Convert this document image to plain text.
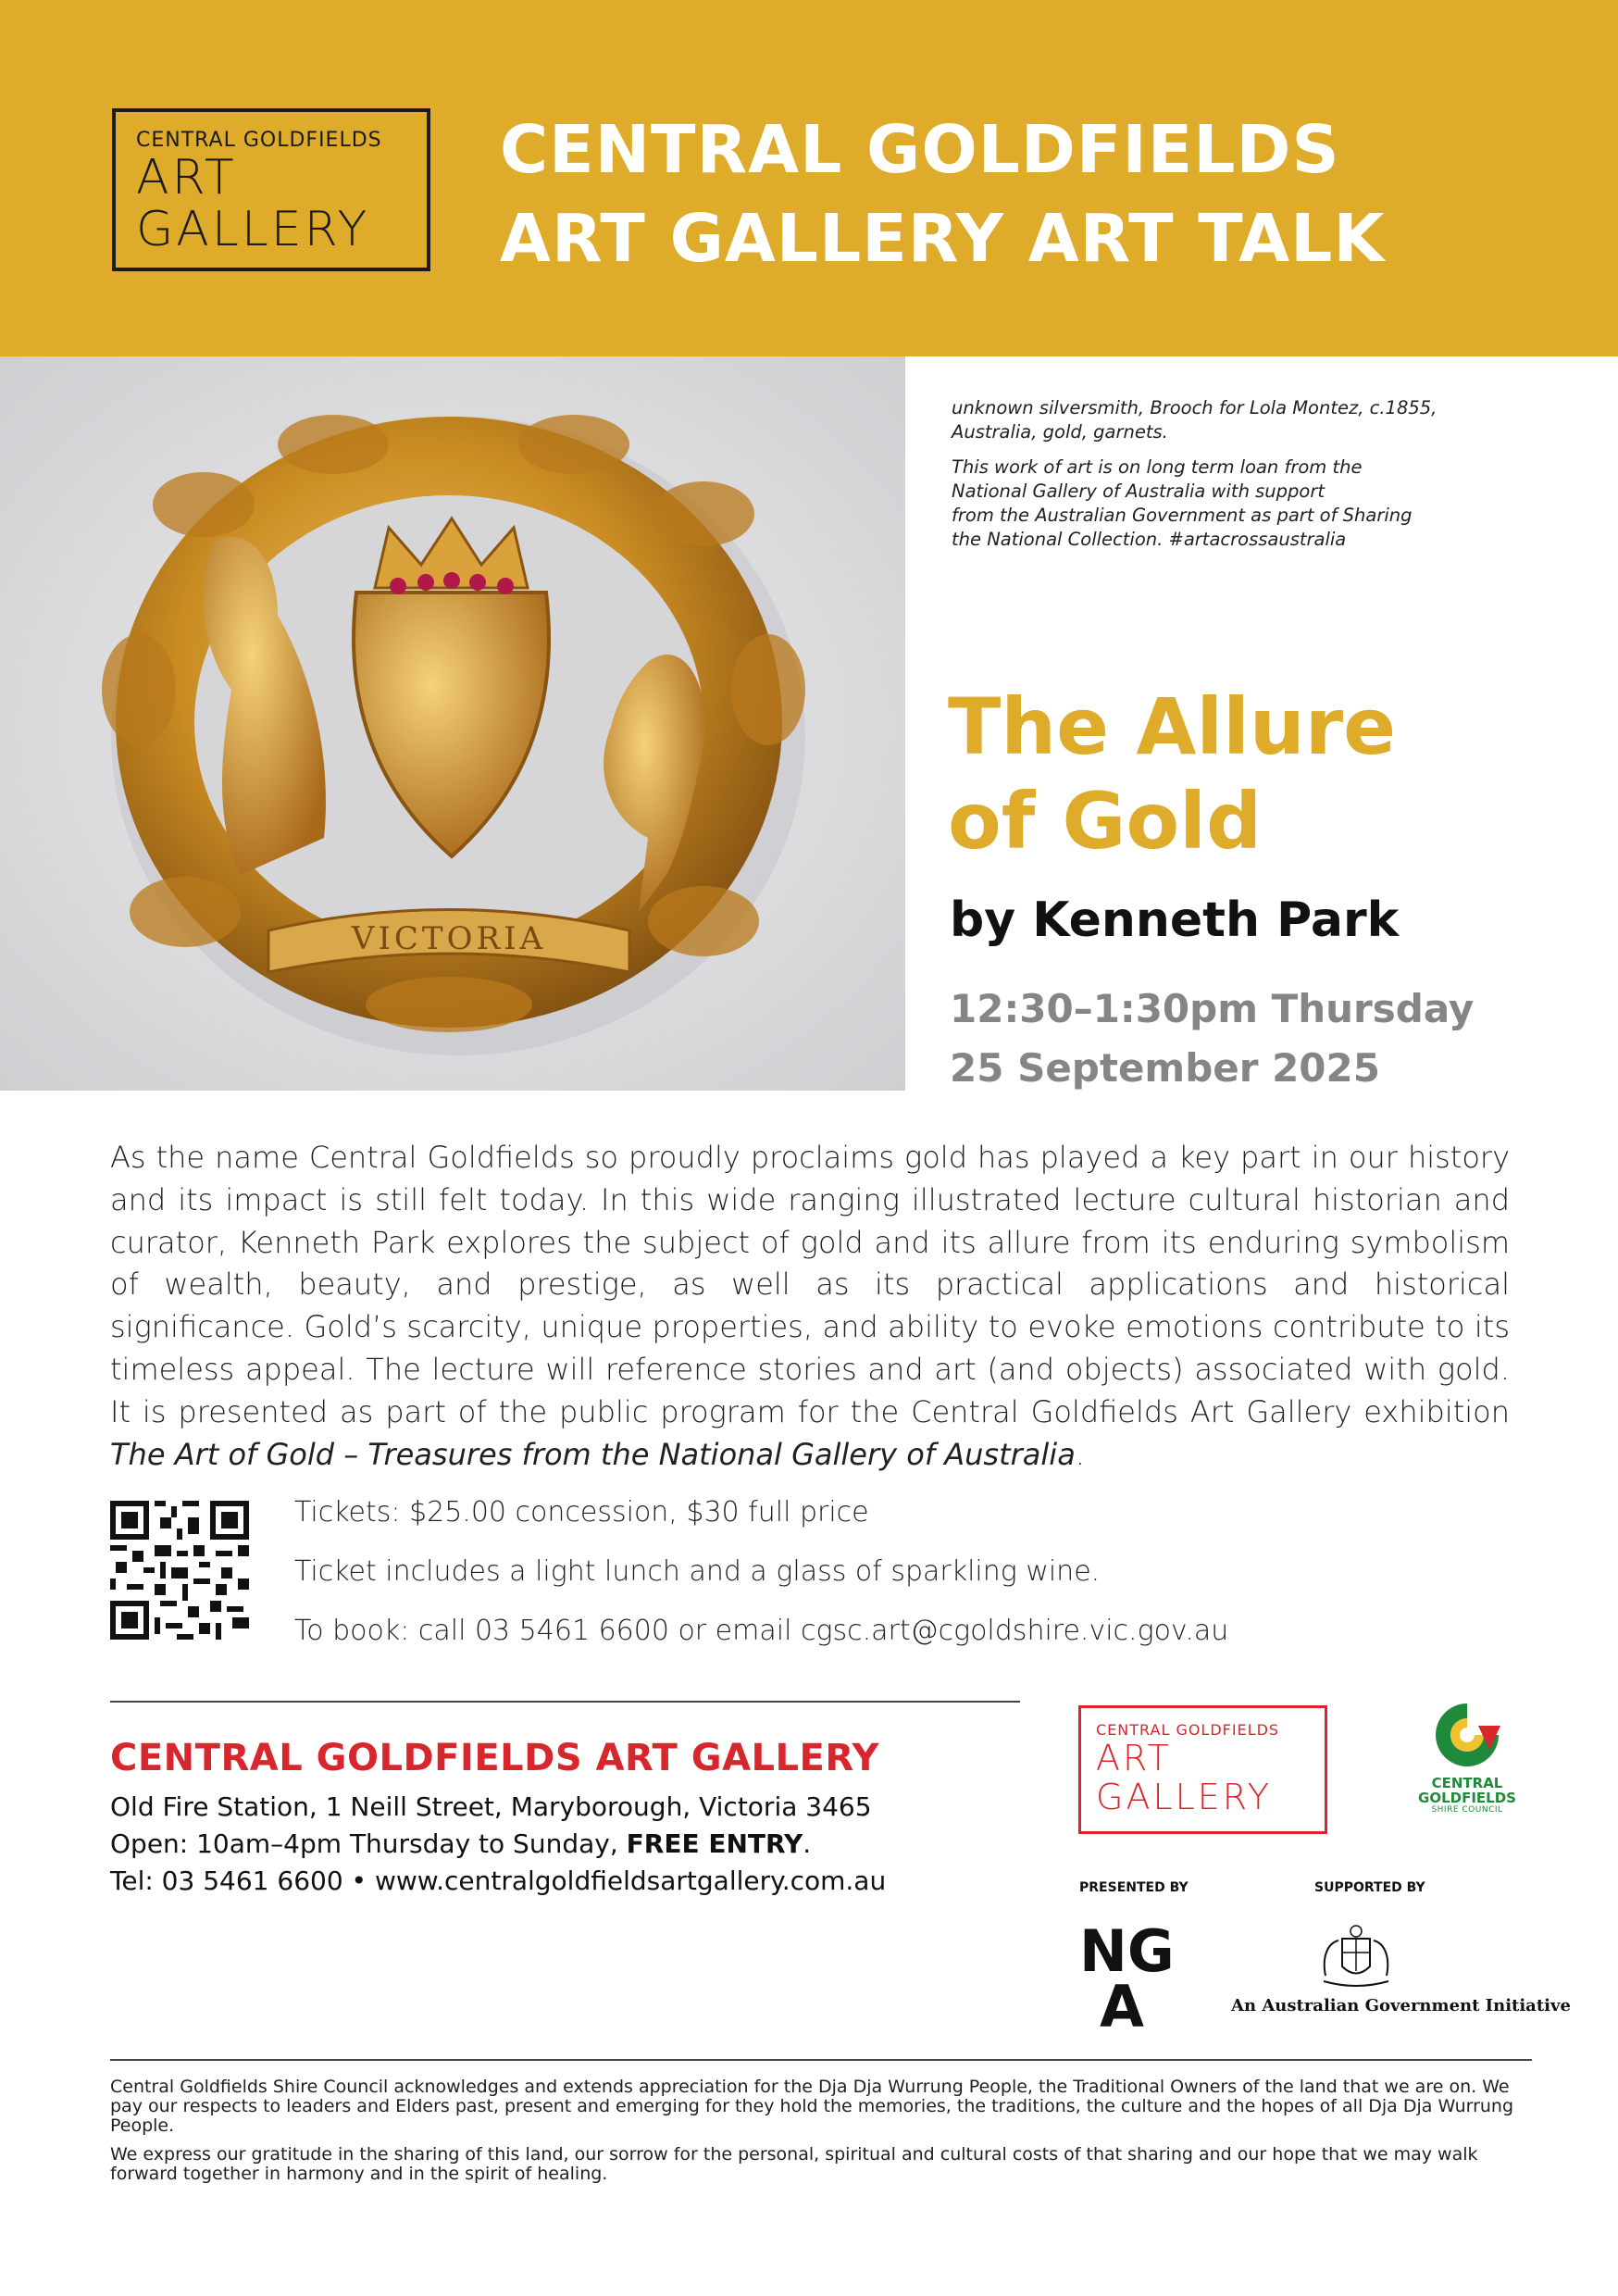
CENTRAL GOLDFIELDS
ART
GALLERY
CENTRAL GOLDFIELDS
ART GALLERY ART TALK
VICTORIA

unknown silversmith, Brooch for Lola Montez, c.1855,
Australia, gold, garnets.

This work of art is on long term loan from the
National Gallery of Australia with support
from the Australian Government as part of Sharing
the National Collection. #artacrossaustralia

The Allure
of Gold
by Kenneth Park
12:30–1:30pm Thursday
25 September 2025
As the name Central Goldfields so proudly proclaims gold has played a key part in our history and its impact is still felt today. In this wide ranging illustrated lecture cultural historian and curator, Kenneth Park explores the subject of gold and its allure from its enduring symbolism of wealth, beauty, and prestige, as well as its practical applications and historical significance. Gold’s scarcity, unique properties, and ability to evoke emotions contribute to its timeless appeal. The lecture will reference stories and art (and objects) associated with gold. It is presented as part of the public program for the Central Goldfields Art Gallery exhibition The Art of Gold – Treasures from the National Gallery of Australia.
Tickets: $25.00 concession, $30 full price
Ticket includes a light lunch and a glass of sparkling wine.
To book: call 03 5461 6600 or email cgsc.art@cgoldshire.vic.gov.au
CENTRAL GOLDFIELDS ART GALLERY
Old Fire Station, 1 Neill Street, Maryborough, Victoria 3465
Open: 10am–4pm Thursday to Sunday, FREE ENTRY.
Tel: 03 5461 6600 • www.centralgoldfieldsartgallery.com.au
CENTRAL GOLDFIELDS
ART
GALLERY	CENTRAL
GOLDFIELDS
SHIRE COUNCIL
PRESENTED BY	SUPPORTED BY
NG
A	An Australian Government Initiative

Central Goldfields Shire Council acknowledges and extends appreciation for the Dja Dja Wurrung People, the Traditional Owners of the land that we are on. We pay our respects to leaders and Elders past, present and emerging for they hold the memories, the traditions, the culture and the hopes of all Dja Dja Wurrung People.

We express our gratitude in the sharing of this land, our sorrow for the personal, spiritual and cultural costs of that sharing and our hope that we may walk forward together in harmony and in the spirit of healing.
